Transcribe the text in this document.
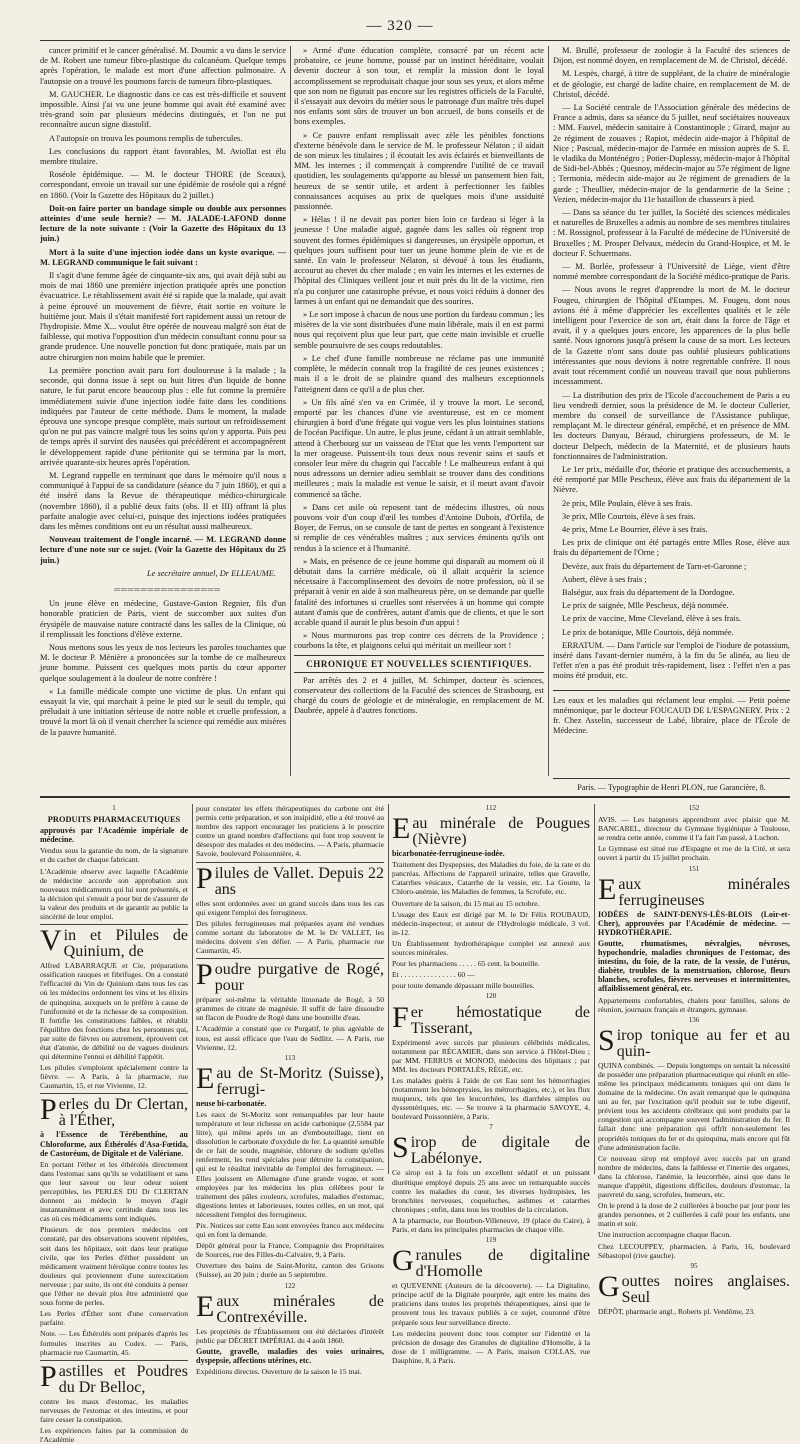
— 320 —

cancer primitif et le cancer généralisé. M. Doumic a vu dans le service de M. Robert une tumeur fibro-plastique du calcanéum. Quelque temps après l'opération, le malade est mort d'une affection pulmonaire. A l'autopsie on a trouvé les poumons farcis de tumeurs fibro-plastiques.

M. GAUCHER. Le diagnostic dans ce cas est très-difficile et souvent impossible. Ainsi j'ai vu une jeune homme qui avait été examiné avec très-grand soin par plusieurs médecins distingués, et l'on ne put reconnaître aucun signe diastolif.

A l'autopsie on trouva les poumons remplis de tubercules.

Les conclusions du rapport étant favorables, M. Aviollat est élu membre titulaire.

Roséole épidémique. — M. le docteur THORE (de Sceaux), correspondant, envoie un travail sur une épidémie de roséole qui a régné en 1860. (Voir la Gazette des Hôpitaux du 2 juillet.)

Doit-on faire porter un bandage simple ou double aux personnes atteintes d'une seule hernie? — M. JALADE-LAFOND donne lecture de la note suivante : (Voir la Gazette des Hôpitaux du 13 juin.)

Mort à la suite d'une injection iodée dans un kyste ovarique. — M. LEGRAND communique le fait suivant :

Il s'agit d'une femme âgée de cinquante-six ans, qui avait déjà subi au mois de mai 1860 une première injection pratiquée après une ponction évacuatrice. Le rétablissement avait été si rapide que la malade, qui avait à peine éprouvé un mouvement de fièvre, était sortie en voiture le huitième jour. Mais il s'était manifesté fort rapidement aussi un retour de l'hydropisie. Mme X... voulut être opérée de nouveau malgré son état de faiblesse, qui motiva l'opposition d'un médecin consultant connu pour sa grande prudence. Une nouvelle ponction fut donc pratiquée, mais par un autre chirurgien non moins habile que le premier.

La première ponction avait paru fort douloureuse à la malade ; la seconde, qui donna issue à sept ou huit litres d'un liquide de bonne nature, le fut parut encore beaucoup plus : elle fut comme la première immédiatement suivie d'une injection iodée faite dans les conditions indiquées par l'auteur de cette méthode. Dans le moment, la malade éprouva une syncope presque complète, mais surtout un refroidissement qu'on ne put pas vaincre malgré tous les soins qu'on y apporta. Puis peu de temps après il survint des nausées qui précédèrent et accompagnèrent le développement rapide d'une péritonite qui se termina par la mort, arrivée quarante-six heures après l'opération.

M. Legrand rappelle en terminant que dans le mémoire qu'il nous a communiqué à l'appui de sa candidature (séance du 7 juin 1860), et qui a été inséré dans la Revue de thérapeutique médico-chirurgicale (novembre 1860), il a publié deux faits (obs. II et III) offrant là plus parfaite analogie avec celui-ci, puisque des injections iodées pratiquées dans les mêmes conditions ont eu un résultat aussi malheureux.

Nouveau traitement de l'ongle incarné. — M. LEGRAND donne lecture d'une note sur ce sujet. (Voir la Gazette des Hôpitaux du 25 juin.)

Le secrétaire annuel, Dr ELLEAUME.

════════════════

Un jeune élève en médecine, Gustave-Gaston Regnier, fils d'un honorable praticien de Paris, vient de succomber aux suites d'un érysipèle de mauvaise nature contracté dans les salles de la Clinique, où il remplissait les fonctions d'élève externe.

Nous mettons sous les yeux de nos lecteurs les paroles touchantes que M. le docteur P. Ménière a prononcées sur la tombe de ce malheureux jeune homme. Puissent ces quelques mots partis du cœur apporter quelque soulagement à la douleur de notre confrère !

« La famille médicale compte une victime de plus. Un enfant qui essayait la vie, qui marchait à peine le pied sur le seuil du temple, qui préludait à une initiation sérieuse de notre noble et cruelle profession, a trouvé la mort là où il venait chercher la science qui remédie aux misères de la pauvre humanité.

» Armé d'une éducation complète, consacré par un récent acte probatoire, ce jeune homme, poussé par un instinct héréditaire, voulait devenir docteur à son tour, et remplir la mission dont le loyal accomplissement se reproduisait chaque jour sous ses yeux, et alors même que son nom ne figurait pas encore sur les registres officiels de la Faculté, il s'essayait aux devoirs du métier sous le patronage d'un maître très dupel nos enfants sont sûrs de trouver un bon accueil, de bons conseils et de bons exemples.

» Ce pauvre enfant remplissait avec zèle les pénibles fonctions d'externe bénévole dans le service de M. le professeur Nélaton ; il aidait de son mieux les titulaires ; il écoutait les avis éclairés et bienveillants de MM. les internes ; il commençait à comprendre l'utilité de ce travail quotidien, les soulagements qu'apporte au blessé un pansement bien fait, heureux de se sentir utile, et ardent à perfectionner les faibles connaissances acquises au prix de quelques mois d'une assiduité passionnée.

» Hélas ! il ne devait pas porter bien loin ce fardeau si léger à la jeunesse ! Une maladie aiguë, gagnée dans les salles où règnent trop souvent des formes épidémiques si dangereuses, un érysipèle opportun, et quelques jours suffisent pour tuer un jeune homme plein de vie et de santé. En vain le professeur Nélaton, si dévoué à tous les étudiants, accourut au chevet du cher malade ; en vain les internes et les externes de l'hôpital des Cliniques veillent jour et nuit près du lit de la victime, rien n'a pu conjurer une catastrophe prévue, et nous voici réduits à donner des larmes à un enfant qui ne demandait que des sourires.

» Le sort impose à chacun de nous une portion du fardeau commun ; les misères de la vie sont distribuées d'une main libérale, mais il en est parmi nous qui reçoivent plus que leur part, que cette main invisible et cruelle semble poursuivre de ses coups redoutables.

» Le chef d'une famille nombreuse ne réclame pas une immunité complète, le médecin connaît trop la fragilité de ces jeunes existences ; mais il a le droit de se plaindre quand des malheurs exceptionnels l'atteignent dans ce qu'il a de plus cher.

» Un fils aîné s'en va en Crimée, il y trouve la mort. Le second, emporté par les chances d'une vie aventureuse, est en ce moment chirurgien à bord d'une frégate qui vogue vers les plus lointaines stations de l'océan Pacifique. Un autre, le plus jeune, cédant à un attrait semblable, attend à Cherbourg sur un vaisseau de l'Etat que les vents l'emportent sur la mer orageuse. Puissent-ils tous deux nous revenir sains et saufs et consoler leur mère du chagrin qui l'accable ! Le malheureux enfant à qui nous adressons un dernier adieu semblait se trouver dans des conditions meilleures ; mais la maladie est venue le saisir, et il meurt avant d'avoir commencé sa tâche.

» Dans cet asile où reposent tant de médecins illustres, où nous pouvons voir d'un coup d'œil les tombes d'Antoine Dubois, d'Orfila, de Boyer, de Ferrus, on se console de tant de pertes en songeant à l'existence si remplie de ces vénérables maîtres ; aux services éminents qu'ils ont rendus à la science et à l'humanité.

» Mais, en présence de ce jeune homme qui disparaît au moment où il débutait dans la carrière médicale, où il allait acquérir la science nécessaire à l'accomplissement des devoirs de notre profession, où il se préparait à venir en aide à son malheureux père, on se demande par quelle fatalité des infortunes si cruelles sont réservées à un homme qui compte autant d'amis que de confrères, autant d'amis que de clients, et que le sort accable quand il aurait le plus besoin d'un appui !

» Nous murmurons pas trop contre ces décrets de la Providence ; courbons la tête, et plaignons celui qui méritait un meilleur sort !

CHRONIQUE ET NOUVELLES SCIENTIFIQUES.

Par arrêtés des 2 et 4 juillet, M. Schimper, docteur ès sciences, conservateur des collections de la Faculté des sciences de Strasbourg, est chargé du cours de géologie et de minéralogie, en remplacement de M. Daubrée, appelé à d'autres fonctions.

M. Brullé, professeur de zoologie à la Faculté des sciences de Dijon, est nommé doyen, en remplacement de M. de Christol, décédé.

M. Lespès, chargé, à titre de suppléant, de la chaire de minéralogie et de géologie, est chargé de ladite chaire, en remplacement de M. de Christol, décédé.

— La Société centrale de l'Association générale des médecins de France a admis, dans sa séance du 5 juillet, neuf sociétaires nouveaux : MM. Fauvel, médecin sanitaire à Constantinople ; Girard, major au 2e régiment de zouaves ; Rapiot, médecin aide-major à l'hôpital de Nice ; Pascual, médecin-major de l'armée en mission auprès de S. E. le vladika du Monténégro ; Potier-Duplessy, médecin-major à l'hôpital de Sidi-bel-Abbès ; Quesnoy, médecin-major au 57e régiment de ligne ; Termonia, médecin aide-major au 2e régiment de grenadiers de la garde ; Theullier, médecin-major de la gendarmerie de la Seine ; Vezien, médecin-major du 11e bataillon de chasseurs à pied.

— Dans sa séance du 1er juillet, la Société des sciences médicales et naturelles de Bruxelles a admis au nombre de ses membres titulaires : M. Rossignol, professeur à la Faculté de médecine de l'Université de Bruxelles ; M. Prosper Delvaux, médecin du Grand-Hospice, et M. le docteur F. Schuermans.

— M. Borlée, professeur à l'Université de Liège, vient d'être nommé membre correspondant de la Société médico-pratique de Paris.

— Nous avons le regret d'apprendre la mort de M. le docteur Fougeu, chirurgien de l'hôpital d'Etampes. M. Fougeu, dont nous avions été à même d'apprécier les excellentes qualités et le zèle intelligent pour l'exercice de son art, était dans la force de l'âge et avait, il y a quelques jours encore, les apparences de la plus belle santé. Nous ignorons jusqu'à présent la cause de sa mort. Les lecteurs de la Gazette n'ont sans doute pas oublié plusieurs publications intéressantes que nous devions à notre regrettable confrère. Il nous avait tout récemment confié un nouveau travail que nous publierons incessamment.

— La distribution des prix de l'Ecole d'accouchement de Paris a eu lieu vendredi dernier, sous la présidence de M. le docteur Cullerier, membre du conseil de surveillance de l'Assistance publique, remplaçant M. le directeur général, empêché, et en présence de MM. les docteurs Danyau, Béraud, chirurgiens professeurs, de M. le docteur Delpech, médecin de la Maternité, et de plusieurs hauts fonctionnaires de l'administration.

Le 1er prix, médaille d'or, théorie et pratique des accouchements, a été remporté par Mlle Pescheux, élève aux frais du département de la Nièvre.

2e prix, Mlle Poulain, élève à ses frais.

3e prix, Mlle Courtois, élève à ses frais.

4e prix, Mme Le Bourrier, élève à ses frais.

Les prix de clinique ont été partagés entre Mlles Rose, élève aux frais du département de l'Orne ;

Devèze, aux frais du département de Tarn-et-Garonne ;

Aubert, élève à ses frais ;

Balségur, aux frais du département de la Dordogne.

Le prix de saignée, Mlle Pescheux, déjà nommée.

Le prix de vaccine, Mme Cleveland, élève à ses frais.

Le prix de botanique, Mlle Courtois, déjà nommée.

ERRATUM. — Dans l'article sur l'emploi de l'iodure de potassium, inséré dans l'avant-dernier numéro, à la fin du 5e alinéa, au lieu de l'effet n'en a pas été produit très-rapidement, lisez : l'effet n'en a pas moins été produit, etc.

Les eaux et les maladies qui réclament leur emploi. — Petit poème mnémonique, par le docteur FOUCAUD DE L'ESPAGNERY. Prix : 2 fr. Chez Asselin, successeur de Labé, libraire, place de l'École de Médecine.

Paris. — Typographie de Henri PLON, rue Garancière, 8.

1

PRODUITS PHARMACEUTIQUES

approuvés par l'Académie impériale de médecine.

Vendus sous la garantie du nom, de la signature et du cachet de chaque fabricant.

L'Académie observe avec laquelle l'Académie de médecine accorde son approbation aux nouveaux médicaments qui lui sont présentés, et la décision qui s'ensuit a pour but de s'assurer de la valeur des produits et de garantir au public la sincérité de leur emploi.

Vin et Pilules de Quinium, de

Alfred LABARRAQUE et Cie, préparations ossification rauques et fibrifuges. On a constaté l'efficacité du Vin de Quinium dans tous les cas où les médecins ordonnent les vins et les élixirs de quinquina, auxquels on le préfère à cause de l'uniformité et de la richesse de sa composition. Il fortifie les constitutions faibles, et rétablit l'équilibre des fonctions chez les personnes qui, par suite de fièvres ou autrement, éprouvent cet état d'atonie, de débilité ou de vagues douleurs qui détermine l'ennui et débilité l'appétit.

Les pilules s'emploient spécialement contre la fièvre. — A Paris, à la pharmacie, rue Caumartin, 15, et rue Vivienne, 12.

Perles du Dr Clertan, à l'Éther,

à l'Essence de Térébenthine, au Chloroforme, aux Éthérolés d'Asa-Fœtida, de Castoréum, de Digitale et de Valériane.

En portant l'éther et les éthérolés directement dans l'estomac sans qu'ils se volatilisent et sans que leur saveur ou leur odeur soient perceptibles, les PERLES DU Dr CLERTAN donnent au médecin le moyen d'agir instantanément et avec certitude dans tous les cas où ces médicaments sont indiqués.

Plusieurs de nos premiers médecins ont constaté, par des observations souvent répétées, soit dans les hôpitaux, soit dans leur pratique civile, que les Perles d'éther possèdent un médicament vraiment héroïque contre toutes les douleurs qui proviennent d'une surexcitation nerveuse ; par suite, ils ont été conduits à penser que l'éther ne devait plus être administré que sous forme de perles.

Les Perles d'Éther sont d'une conservation parfaite.

Note. — Les Éthérolés sont préparés d'après les formules inscrites au Codex. — Paris, pharmacie rue Caumartin, 45.

Pastilles et Poudres du Dr Belloc,

contre les maux d'estomac, les maladies nerveuses de l'estomac et des intestins, et pour faire cesser la constipation.

Les expériences faites par la commission de l'Académie

pour constater les effets thérapeutiques du carbone ont été permis cette préparation, et son insipidité, elle a été trouvé au nombre des rapport encourager les praticiens à le prescrire contre un grand nombre d'affections qui font trop souvent le désespoir des malades et des médecins. — A Paris, pharmacie Savoie, boulevard Poissonnière, 4.

Pilules de Vallet. Depuis 22 ans

elles sont ordonnées avec un grand succès dans tous les cas qui exigent l'emploi des ferrugineux.

Des pilules ferrugineuses mal préparées ayant été vendues comme sortant du laboratoire de M. le Dr VALLET, les médecins doivent s'en défier. — A Paris, pharmacie rue Caumartin, 45.

Poudre purgative de Rogé, pour

préparer soi-même la véritable limonade de Rogé, à 50 grammes de citrate de magnésie. Il suffit de faire dissoudre un flacon de Poudre de Rogé dans une bouteille d'eau.

L'Académie a constaté que ce Purgatif, le plus agréable de tous, est aussi efficace que l'eau de Sedlitz. — A Paris, rue Vivienne, 12.

113

Eau de St-Moritz (Suisse), ferrugi-

neuse bi-carbonatée.

Les eaux de St-Moritz sont remarquables par leur haute température et leur richesse en acide carbonique (2,5584 par litre), qui même après un an d'embouteillage, tient en dissolution le carbonate d'oxydule de fer. La quantité sensible de ce fait de soude, magnésie, chlorure de sodium qu'elles renferment, les rend spéciales pour détruire la constipation, qui est le résultat inévitable de l'emploi des ferrugineux. — Elles jouissent en Allemagne d'une grande vogue, et sont employées par les médecins les plus célèbres pour le traitement des pâles couleurs, scrofules, maladies d'estomac, digestions lentes et laborieuses, toutes celles, en un mot, qui nécessitent l'emploi des ferrugineux.

Pix. Notices sur cette Eau sont envoyées franco aux médecins qui en font la demande.

Dépôt général pour la France, Compagnie des Propriétaires de Sources, rue des Filles-du-Calvaire, 9, à Paris.

Ouverture des bains de Saint-Moritz, canton des Grisons (Suisse), au 20 juin ; durée au 5 septembre.

122

Eaux minérales de Contrexéville.

Les propriétés de l'Établissement ont été déclarées d'intérêt public par DÉCRET IMPÉRIAL du 4 août 1860.

Goutte, gravelle, maladies des voies urinaires, dyspepsie, affections utérines, etc.

Expéditions directes. Ouverture de la saison le 15 mai.

112

Eau minérale de Pougues (Nièvre)

bicarbonatée-ferrugineuse-iodée.

Traitement des Dyspepsies, des Maladies du foie, de la rate et du pancréas. Affections de l'appareil urinaire, telles que Gravelle, Catarrhes vésicaux, Catarrhe de la vessie, etc. La Goutte, la Chloro-anémie, les Maladies de femmes, la Scrofule, etc.

Ouverture de la saison, du 15 mai au 15 octobre.

L'usage des Eaux est dirigé par M. le Dr Félix ROUBAUD, médecin-inspecteur, et auteur de l'Hydrologie médicale, 3 vol. in-12.

Un Établissement hydrothérapique complet est annexé aux sources minérales.

Pour les pharmaciens . . . . . 65 cent. la bouteille.

Et . . . . . . . . . . . . . . . 60 —

pour toute demande dépassant mille bouteilles.

120

Fer hémostatique de Tisserant,

Expérimenté avec succès par plusieurs célébrités médicales, notamment par RÉCAMIER, dans son service à l'Hôtel-Dieu ; par MM. FERRUS et MONOD, médecins des hôpitaux ; par MM. les docteurs PORTALÈS, RÈGE, etc.

Les malades guéris à l'aide de cet Eau sont les hémorrhagies (notamment les hémoptysies, les métrorrhagies, etc.), et les flux muqueux, tels que les leucorrhées, les diarrhées simples ou dyssentériques, etc. — Se trouve à la pharmacie SAVOYE, 4, boulevard Poissonnière, à Paris.

7

Sirop de digitale de Labélonye.

Ce sirop est à la fois un excellent sédatif et un puissant diurétique employé depuis 25 ans avec un remarquable succès contre les maladies du cœur, les diverses hydropisies, les bronchites nerveuses, coqueluches, asthmes et catarrhes chroniques ; enfin, dans tous les troubles de la circulation.

A la pharmacie, rue Bourbon-Villeneuve, 19 (place du Caire), à Paris, et dans les principales pharmacies de chaque ville.

119

Granules de digitaline d'Homolle

et QUEVENNE (Auteurs de la découverte). — La Digitaline, principe actif de la Digitale pourprée, agit entre les mains des praticiens dans toutes les proprités thérapeutiques, ainsi que le prouvent tous les travaux publiés à ce sujet, couronné d'être préparée sous leur surveillance directe.

Les médecins peuvent donc tous compter sur l'identité et la précision de dosage des Granules de digitaline d'Homolle, à la dose de 1 milligramme. — A Paris, maison COLLAS, rue Dauphine, 8, à Paris.

152

AVIS. — Les baigneurs apprendront avec plaisir que M. BANCAREL, directeur du Gymnase hygiénique à Toulouse, se rendra cette année, comme il l'a fait l'an passé, à Luchon.

Le Gymnase est situé rue d'Espagne et rue de la Cité, et sera ouvert à partir du 15 juillet prochain.

151

Eaux minérales ferrugineuses

IODÉES de SAINT-DENYS-LÈS-BLOIS (Loir-et-Cher), approuvées par l'Académie de médecine. — HYDROTHÉRAPIE.

Goutte, rhumatismes, névralgies, névroses, hypochondrie, maladies chroniques de l'estomac, des intestins, du foie, de la rate, de la vessie, de l'utérus, diabète, troubles de la menstruation, chlorose, fleurs blanches, scrofules, fièvres nerveuses et intermittentes, affaiblissement général, etc.

Appartements confortables, chalets pour familles, salons de réunion, journaux français et étrangers, gymnase.

136

Sirop tonique au fer et au quin-

QUINA combinés. — Depuis longtemps on sentait la nécessité de posséder une préparation pharmaceutique qui réunît en elle-même les principaux médicaments toniques qui ont dans le domaine de la médecine. On avait remarqué que le quinquina uni au fer, par l'excitation qu'il produit sur le tube digestif, prévient tous les accidents cérébraux qui sont produits par la congestion qui accompagne souvent l'administration du fer. Il fallait donc une préparation qui offrît non-seulement les propriétés toniques du fer et du quinquina, mais encore qui fût d'une administration facile.

Ce nouveau sirop est employé avec succès par un grand nombre de médecins, dans la faiblesse et l'inertie des organes, dans la chlorose, l'anémie, la leucorrhée, ainsi que dans le manque d'appétit, digestions difficiles, douleurs d'estomac, la pauvreté du sang, scrofules, humeurs, etc.

On le prend à la dose de 2 cuillerées à bouche par jour pour les grandes personnes, et 2 cuillerées à café pour les enfants, une matin et soir.

Une instruction accompagne chaque flacon.

Chez LECOUPPEY, pharmacien, à Paris, 16, boulevard Sébastopol (rive gauche).

95

Gouttes noires anglaises. Seul

DÉPÔT, pharmacie angl., Roberts pl. Vendôme, 23.
